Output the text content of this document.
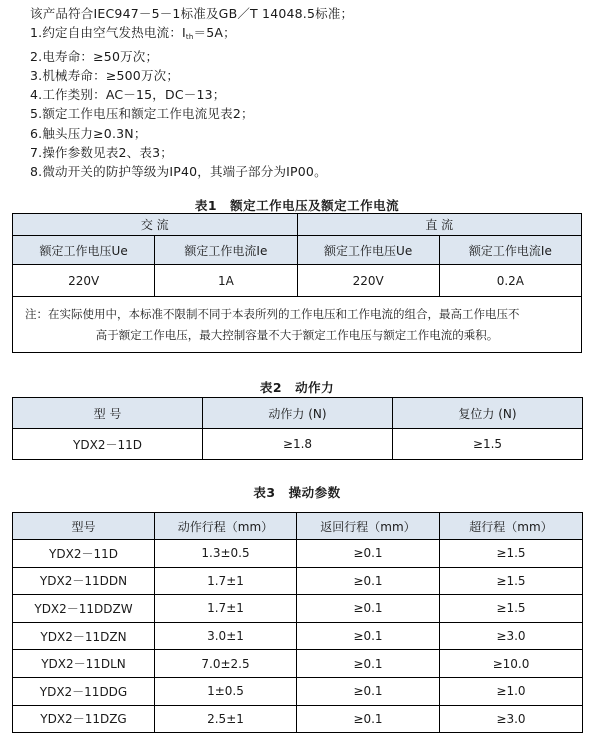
该产品符合IEC947－5－1标准及GB／T 14048.5标准；

1.约定自由空气发热电流：$I_{th}=5A$；

2.电寿命：≥50万次；

3.机械寿命：≥500万次；

4.工作类别：AC－15，DC－13；

5.额定工作电压和额定工作电流见表2；

6.触头压力≥0.3N；

7.操作参数见表2、表3；

8.微动开关的防护等级为IP40，其端子部分为IP00。

表1　额定工作电压及额定工作电流
交 流		直 流	
额定工作电压Ue	额定工作电流Ie	额定工作电压Ue	额定工作电流Ie
220V	1A	220V	0.2A

注：在实际使用中，本标准不限制不同于本表所列的工作电压和工作电流的组合，最高工作电压不
高于额定工作电压，最大控制容量不大于额定工作电压与额定工作电流的乘积。			
表2　动作力
型 号	动作力 (N)	复位力 (N)
YDX2－11D	≥1.8	≥1.5
表3　操动参数
型号	动作行程（mm）	返回行程（mm）	超行程（mm）
YDX2－11D	1.3±0.5	≥0.1	≥1.5
YDX2－11DDN	1.7±1	≥0.1	≥1.5
YDX2－11DDZW	1.7±1	≥0.1	≥1.5
YDX2－11DZN	3.0±1	≥0.1	≥3.0
YDX2－11DLN	7.0±2.5	≥0.1	≥10.0
YDX2－11DDG	1±0.5	≥0.1	≥1.0
YDX2－11DZG	2.5±1	≥0.1	≥3.0
